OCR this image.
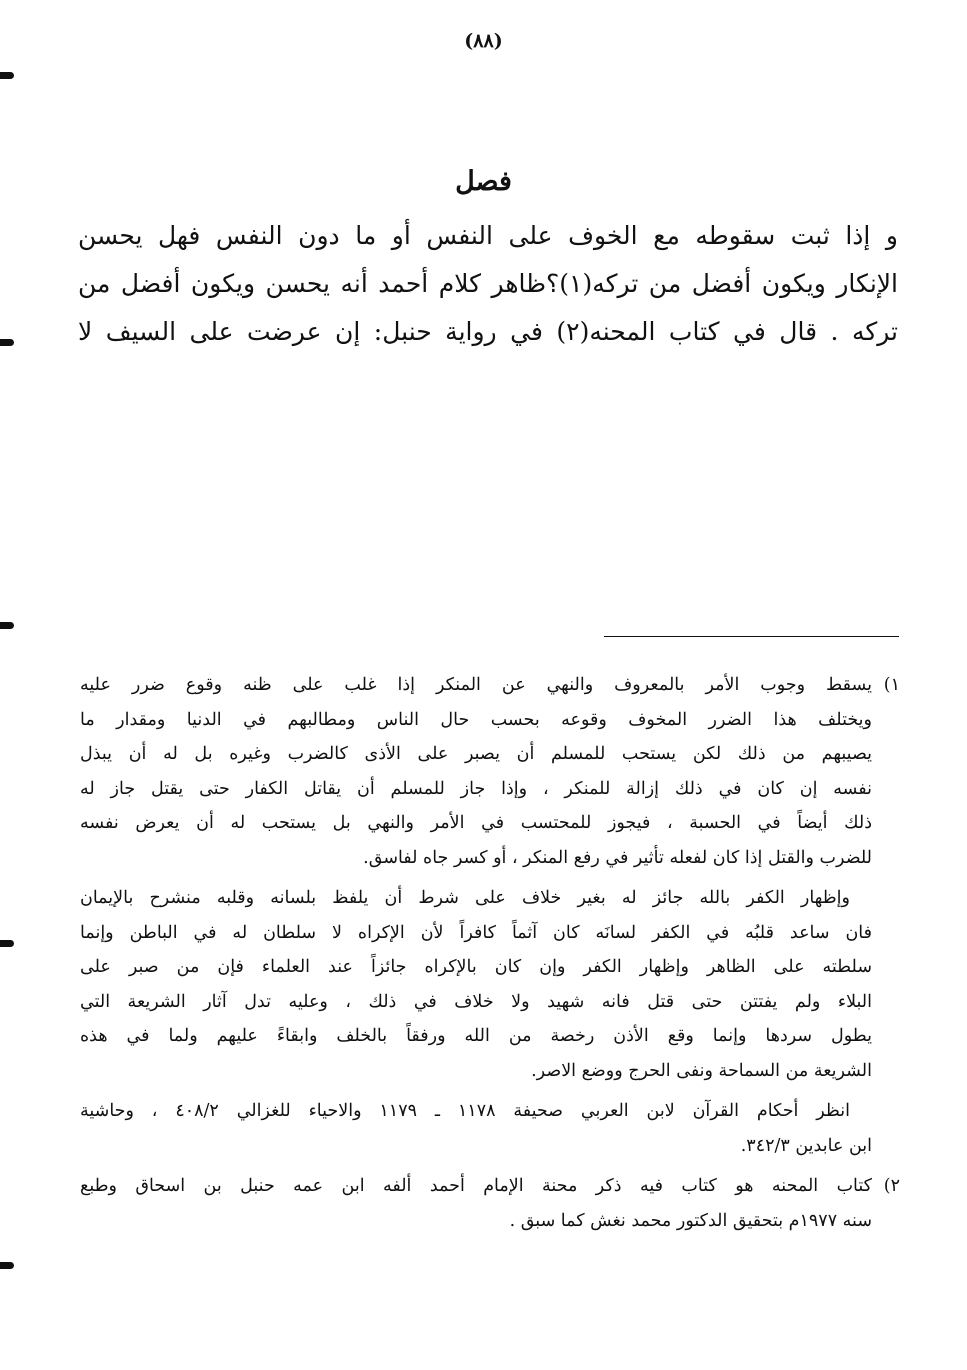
(٨٨)
فصل
و إذا ثبت سقوطه مع الخوف على النفس أو ما دون النفس فهل يحسن
الإنكار ويكون أفضل من تركه(١)؟ظاهر كلام أحمد أنه يحسن ويكون أفضل من
تركه . قال في كتاب المحنه(٢) في رواية حنبل: إن عرضت على السيف لا
١)
يسقط وجوب الأمر بالمعروف والنهي عن المنكر إذا غلب على ظنه وقوع ضرر عليه
ويختلف هذا الضرر المخوف وقوعه بحسب حال الناس ومطالبهم في الدنيا ومقدار ما
يصيبهم من ذلك لكن يستحب للمسلم أن يصبر على الأذى كالضرب وغيره بل له أن يبذل
نفسه إن كان في ذلك إزالة للمنكر ، وإذا جاز للمسلم أن يقاتل الكفار حتى يقتل جاز له
ذلك أيضاً في الحسبة ، فيجوز للمحتسب في الأمر والنهي بل يستحب له أن يعرض نفسه
للضرب والقتل إذا كان لفعله تأثير في رفع المنكر ، أو كسر جاه لفاسق.
وإظهار الكفر بالله جائز له بغير خلاف على شرط أن يلفظ بلسانه وقلبه منشرح بالإيمان
فان ساعد قلبُه في الكفر لسانَه كان آثماً كافراً لأن الإكراه لا سلطان له في الباطن وإنما
سلطته على الظاهر وإظهار الكفر وإن كان بالإكراه جائزاً عند العلماء فإن من صبر على
البلاء ولم يفتتن حتى قتل فانه شهيد ولا خلاف في ذلك ، وعليه تدل آثار الشريعة التي
يطول سردها وإنما وقع الأذن رخصة من الله ورفقاً بالخلف وابقاءً عليهم ولما في هذه
الشريعة من السماحة ونفى الحرج ووضع الاصر.
انظر أحكام القرآن لابن العربي صحيفة ١١٧٨ ـ ١١٧٩ والاحياء للغزالي ٤٠٨/٢ ، وحاشية
ابن عابدين ٣٤٢/٣.
٢)
كتاب المحنه هو كتاب فيه ذكر محنة الإمام أحمد ألفه ابن عمه حنبل بن اسحاق وطبع
سنه ١٩٧٧م بتحقيق الدكتور محمد نغش كما سبق .
